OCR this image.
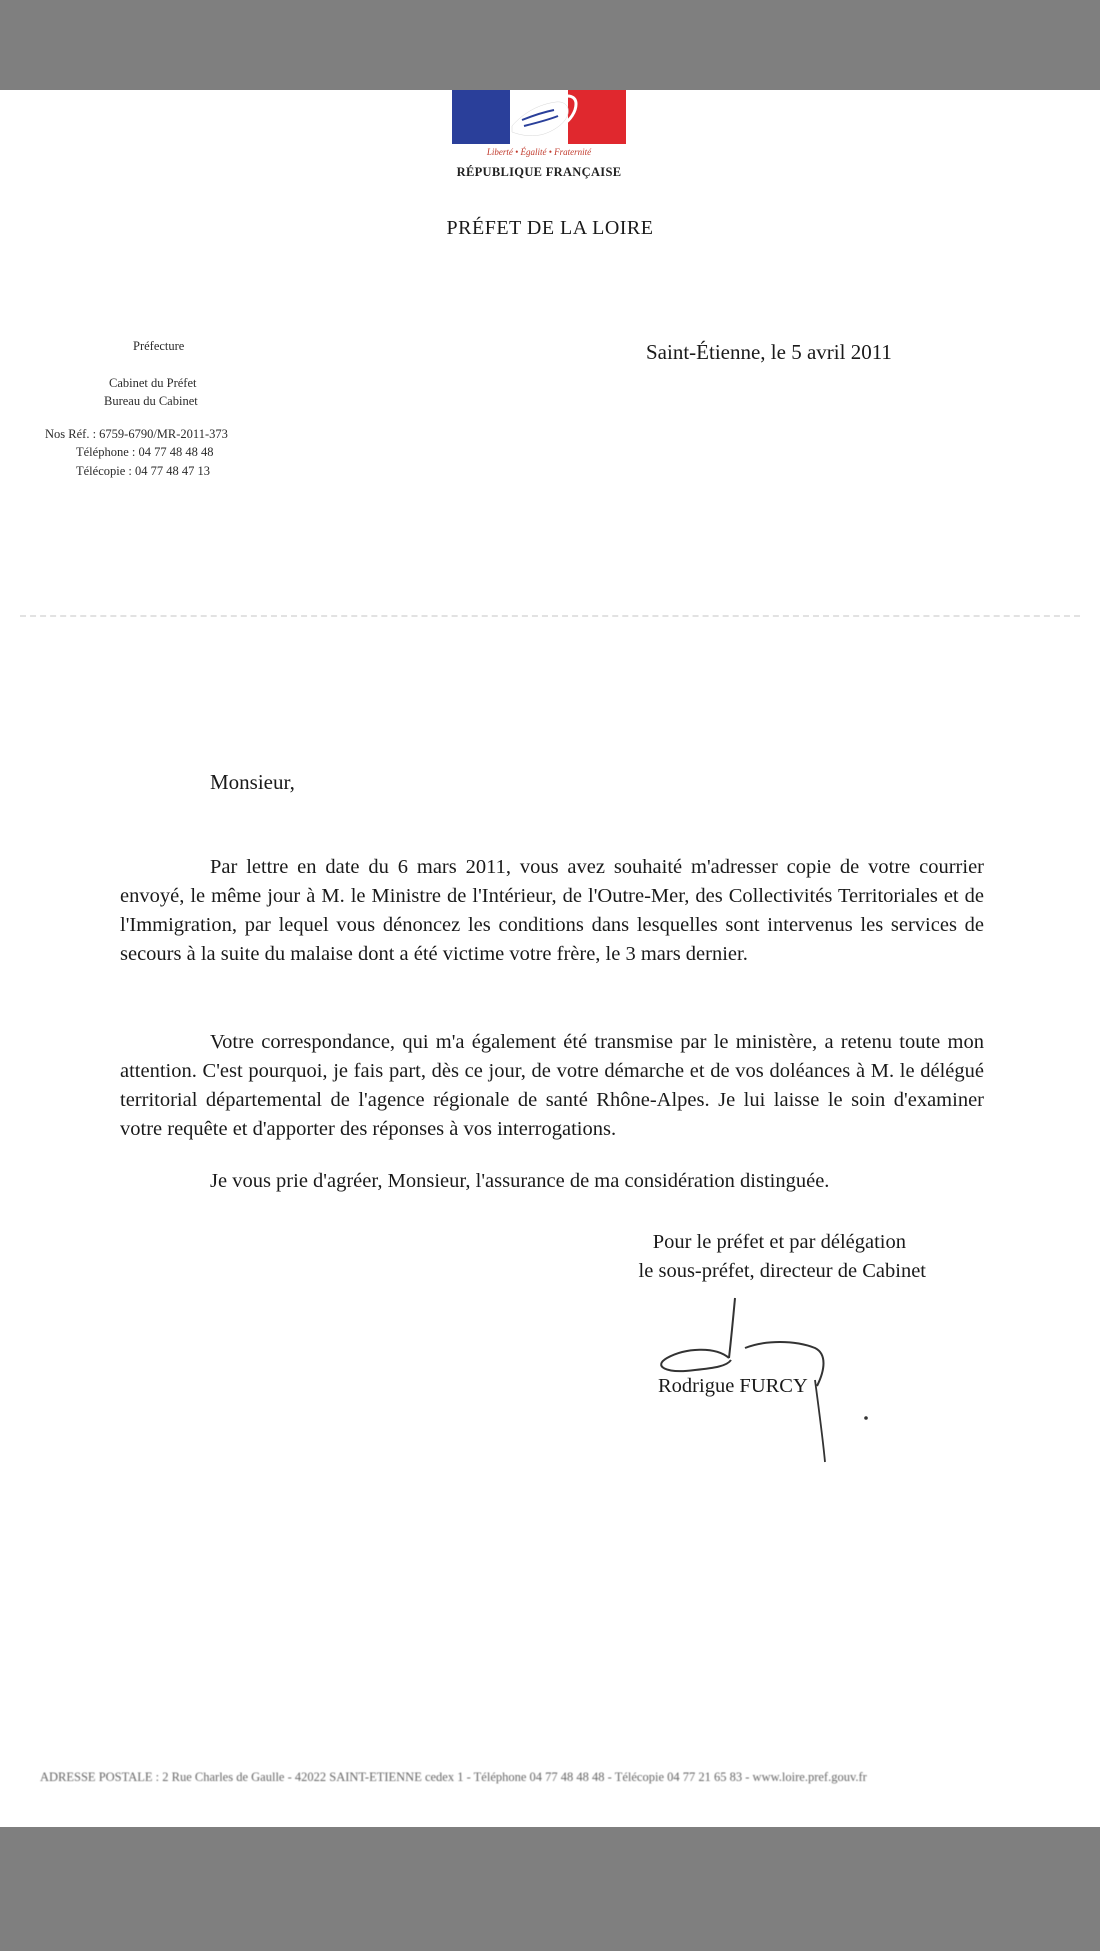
Liberté • Égalité • Fraternité
RÉPUBLIQUE FRANÇAISE
PRÉFET DE LA LOIRE
Préfecture
Cabinet du Préfet
Bureau du Cabinet
Nos Réf. : 6759-6790/MR-2011-373
Téléphone : 04 77 48 48 48
Télécopie : 04 77 48 47 13
Saint-Étienne, le 5 avril 2011
Monsieur,
Par lettre en date du 6 mars 2011, vous avez souhaité m'adresser copie de votre courrier envoyé, le même jour à M. le Ministre de l'Intérieur, de l'Outre-Mer, des Collectivités Territoriales et de l'Immigration, par lequel vous dénoncez les conditions dans lesquelles sont intervenus les services de secours à la suite du malaise dont a été victime votre frère, le 3 mars dernier.
Votre correspondance, qui m'a également été transmise par le ministère, a retenu toute mon attention. C'est pourquoi, je fais part, dès ce jour, de votre démarche et de vos doléances à M. le délégué territorial départemental de l'agence régionale de santé Rhône-Alpes. Je lui laisse le soin d'examiner votre requête et d'apporter des réponses à vos interrogations.
Je vous prie d'agréer, Monsieur, l'assurance de ma considération distinguée.
Pour le préfet et par délégation
le sous-préfet, directeur de Cabinet
Rodrigue FURCY
ADRESSE POSTALE : 2 Rue Charles de Gaulle - 42022 SAINT-ETIENNE cedex 1 - Téléphone 04 77 48 48 48 - Télécopie 04 77 21 65 83 - www.loire.pref.gouv.fr
